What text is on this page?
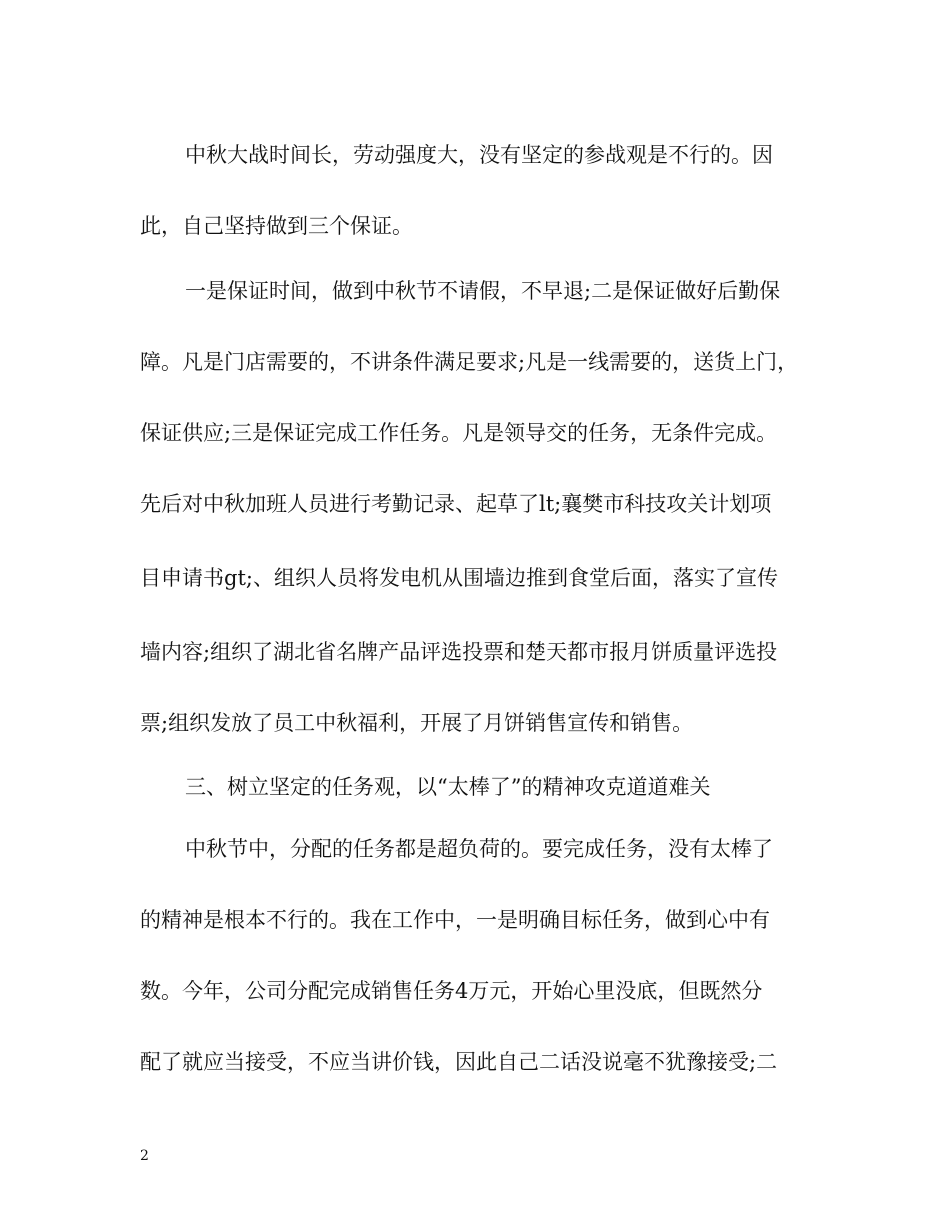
中秋大战时间长，劳动强度大，没有坚定的参战观是不行的。因
此，自己坚持做到三个保证。
一是保证时间，做到中秋节不请假，不早退;二是保证做好后勤保
障。凡是门店需要的，不讲条件满足要求;凡是一线需要的，送货上门，
保证供应;三是保证完成工作任务。凡是领导交的任务，无条件完成。
先后对中秋加班人员进行考勤记录、起草了lt;襄樊市科技攻关计划项
目申请书gt;、组织人员将发电机从围墙边推到食堂后面，落实了宣传
墙内容;组织了湖北省名牌产品评选投票和楚天都市报月饼质量评选投
票;组织发放了员工中秋福利，开展了月饼销售宣传和销售。
三、树立坚定的任务观，以“太棒了”的精神攻克道道难关
中秋节中，分配的任务都是超负荷的。要完成任务，没有太棒了
的精神是根本不行的。我在工作中，一是明确目标任务，做到心中有
数。今年，公司分配完成销售任务4万元，开始心里没底，但既然分
配了就应当接受，不应当讲价钱，因此自己二话没说毫不犹豫接受;二
2
